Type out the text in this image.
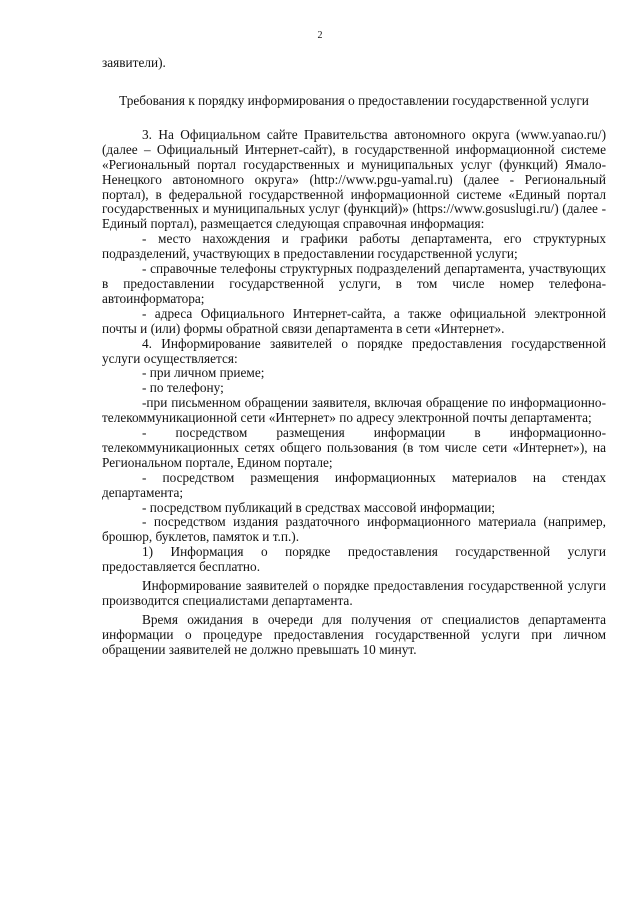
2

заявители).

Требования к порядку информирования о предоставлении государственной услуги

3. На Официальном сайте Правительства автономного округа (www.yanao.ru/) (далее – Официальный Интернет-сайт), в государственной информационной системе «Региональный портал государственных и муниципальных услуг (функций) Ямало-Ненецкого автономного округа» (http://www.pgu-yamal.ru) (далее - Региональный портал), в федеральной государственной информационной системе «Единый портал государственных и муниципальных услуг (функций)» (https://www.gosuslugi.ru/) (далее - Единый портал), размещается следующая справочная информация:

- место нахождения и графики работы департамента, его структурных подразделений, участвующих в предоставлении государственной услуги;

- справочные телефоны структурных подразделений департамента, участвующих в предоставлении государственной услуги, в том числе номер телефона-автоинформатора;

- адреса Официального Интернет-сайта, а также официальной электронной почты и (или) формы обратной связи департамента в сети «Интернет».

4. Информирование заявителей о порядке предоставления государственной услуги осуществляется:

- при личном приеме;

- по телефону;

-при письменном обращении заявителя, включая обращение по информационно-телекоммуникационной сети «Интернет» по адресу электронной почты департамента;

- посредством размещения информации в информационно-телекоммуникационных сетях общего пользования (в том числе сети «Интернет»), на Региональном портале, Едином портале;

- посредством размещения информационных материалов на стендах департамента;

- посредством публикаций в средствах массовой информации;

- посредством издания раздаточного информационного материала (например, брошюр, буклетов, памяток и т.п.).

1) Информация о порядке предоставления государственной услуги предоставляется бесплатно.

Информирование заявителей о порядке предоставления государственной услуги производится специалистами департамента.

Время ожидания в очереди для получения от специалистов департамента информации о процедуре предоставления государственной услуги при личном обращении заявителей не должно превышать 10 минут.
